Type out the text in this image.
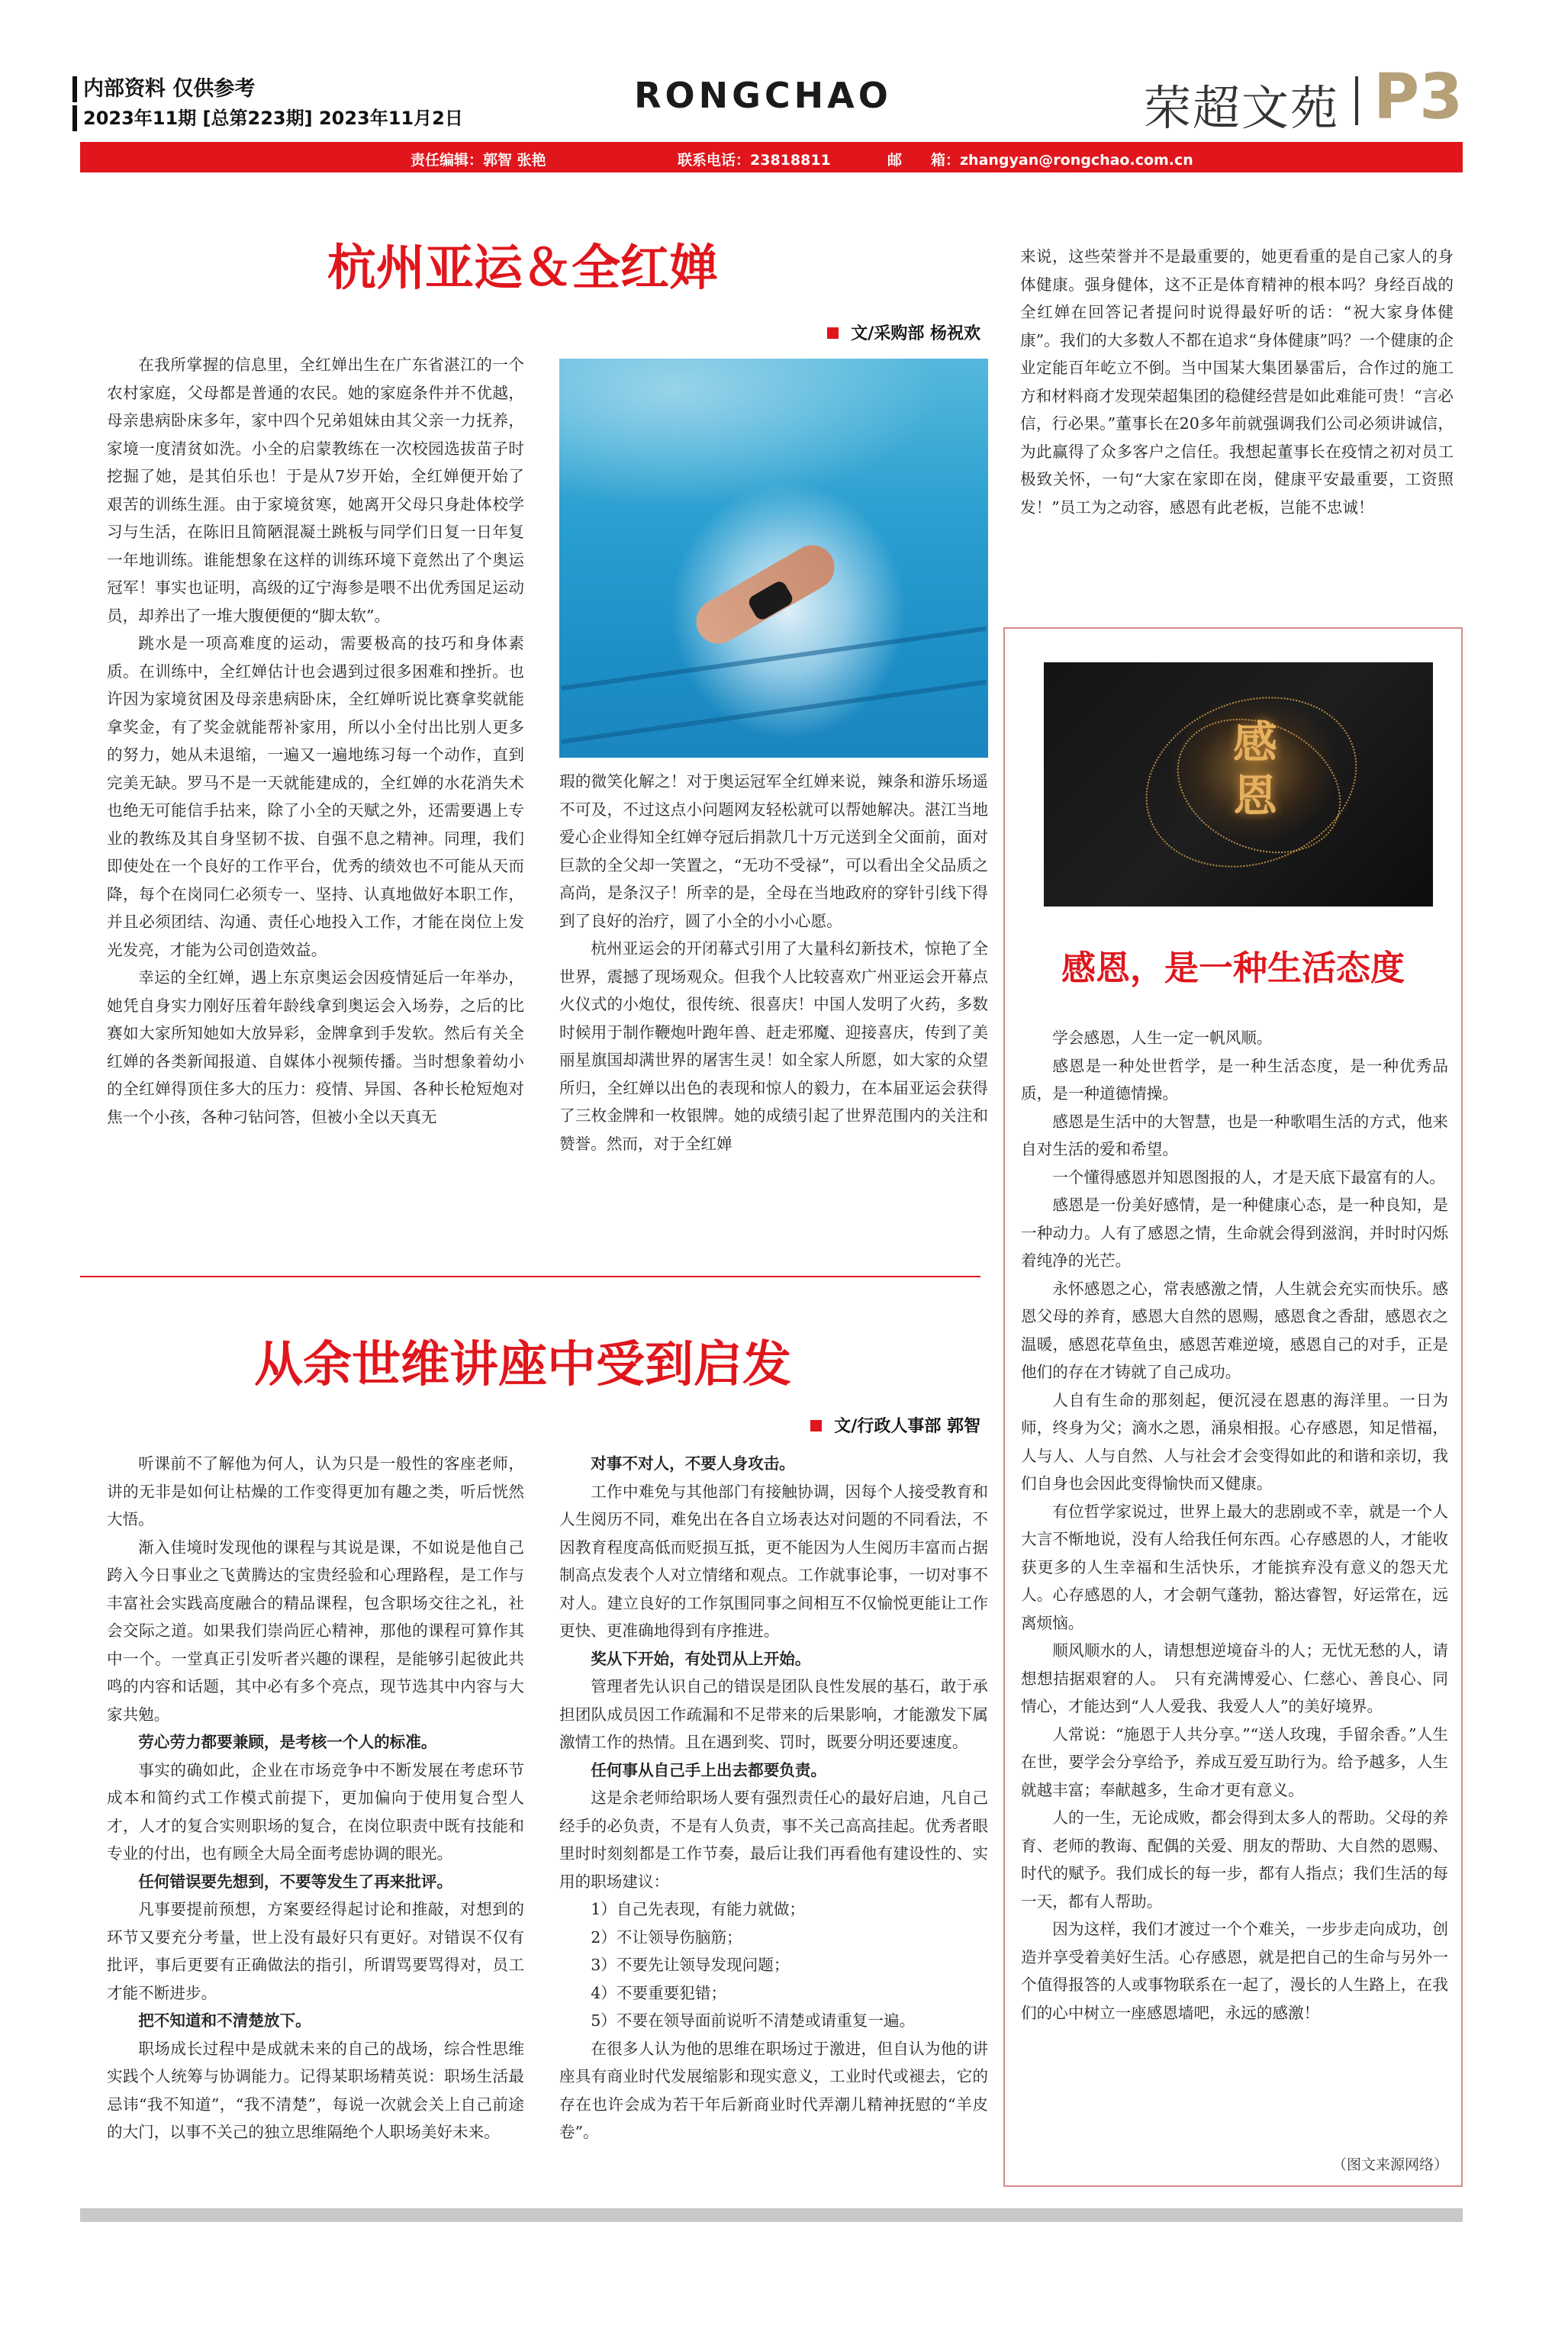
内部资料 仅供参考
2023年11期 [总第223期] 2023年11月2日
RONGCHAO	荣超文苑 P3
责任编辑：郭智 张艳	联系电话：23818811	邮　　箱：zhangyan@rongchao.com.cn
杭州亚运＆全红婵
文/采购部 杨祝欢

在我所掌握的信息里，全红婵出生在广东省湛江的一个农村家庭，父母都是普通的农民。她的家庭条件并不优越，母亲患病卧床多年，家中四个兄弟姐妹由其父亲一力抚养，家境一度清贫如洗。小全的启蒙教练在一次校园选拔苗子时挖掘了她，是其伯乐也！于是从7岁开始，全红婵便开始了艰苦的训练生涯。由于家境贫寒，她离开父母只身赴体校学习与生活，在陈旧且简陋混凝土跳板与同学们日复一日年复一年地训练。谁能想象在这样的训练环境下竟然出了个奥运冠军！事实也证明，高级的辽宁海参是喂不出优秀国足运动员，却养出了一堆大腹便便的“脚太软”。

跳水是一项高难度的运动，需要极高的技巧和身体素质。在训练中，全红婵估计也会遇到过很多困难和挫折。也许因为家境贫困及母亲患病卧床，全红婵听说比赛拿奖就能拿奖金，有了奖金就能帮补家用，所以小全付出比别人更多的努力，她从未退缩，一遍又一遍地练习每一个动作，直到完美无缺。罗马不是一天就能建成的，全红婵的水花消失术也绝无可能信手拈来，除了小全的天赋之外，还需要遇上专业的教练及其自身坚韧不拔、自强不息之精神。同理，我们即使处在一个良好的工作平台，优秀的绩效也不可能从天而降，每个在岗同仁必须专一、坚持、认真地做好本职工作，并且必须团结、沟通、责任心地投入工作，才能在岗位上发光发亮，才能为公司创造效益。

幸运的全红婵，遇上东京奥运会因疫情延后一年举办，她凭自身实力刚好压着年龄线拿到奥运会入场券，之后的比赛如大家所知她如大放异彩，金牌拿到手发软。然后有关全红婵的各类新闻报道、自媒体小视频传播。当时想象着幼小的全红婵得顶住多大的压力：疫情、异国、各种长枪短炮对焦一个小孩，各种刁钻问答，但被小全以天真无

瑕的微笑化解之！对于奥运冠军全红婵来说，辣条和游乐场遥不可及，不过这点小问题网友轻松就可以帮她解决。湛江当地爱心企业得知全红婵夺冠后捐款几十万元送到全父面前，面对巨款的全父却一笑置之，“无功不受禄”，可以看出全父品质之高尚，是条汉子！所幸的是，全母在当地政府的穿针引线下得到了良好的治疗，圆了小全的小小心愿。

杭州亚运会的开闭幕式引用了大量科幻新技术，惊艳了全世界，震撼了现场观众。但我个人比较喜欢广州亚运会开幕点火仪式的小炮仗，很传统、很喜庆！中国人发明了火药，多数时候用于制作鞭炮叶跑年兽、赶走邪魔、迎接喜庆，传到了美丽星旗国却满世界的屠害生灵！如全家人所愿，如大家的众望所归，全红婵以出色的表现和惊人的毅力，在本届亚运会获得了三枚金牌和一枚银牌。她的成绩引起了世界范围内的关注和赞誉。然而，对于全红婵

来说，这些荣誉并不是最重要的，她更看重的是自己家人的身体健康。强身健体，这不正是体育精神的根本吗？身经百战的全红婵在回答记者提问时说得最好听的话：“祝大家身体健康”。我们的大多数人不都在追求“身体健康”吗？一个健康的企业定能百年屹立不倒。当中国某大集团暴雷后，合作过的施工方和材料商才发现荣超集团的稳健经营是如此难能可贵！“言必信，行必果。”董事长在20多年前就强调我们公司必须讲诚信，为此赢得了众多客户之信任。我想起董事长在疫情之初对员工极致关怀，一句“大家在家即在岗，健康平安最重要，工资照发！”员工为之动容，感恩有此老板，岂能不忠诚！

从余世维讲座中受到启发
文/行政人事部 郭智

听课前不了解他为何人，认为只是一般性的客座老师，讲的无非是如何让枯燥的工作变得更加有趣之类，听后恍然大悟。

渐入佳境时发现他的课程与其说是课，不如说是他自己跨入今日事业之飞黄腾达的宝贵经验和心理路程，是工作与丰富社会实践高度融合的精品课程，包含职场交往之礼，社会交际之道。如果我们崇尚匠心精神，那他的课程可算作其中一个。一堂真正引发听者兴趣的课程，是能够引起彼此共鸣的内容和话题，其中必有多个亮点，现节选其中内容与大家共勉。

劳心劳力都要兼顾，是考核一个人的标准。

事实的确如此，企业在市场竞争中不断发展在考虑环节成本和简约式工作模式前提下，更加偏向于使用复合型人才，人才的复合实则职场的复合，在岗位职责中既有技能和专业的付出，也有顾全大局全面考虑协调的眼光。

任何错误要先想到，不要等发生了再来批评。

凡事要提前预想，方案要经得起讨论和推敲，对想到的环节又要充分考量，世上没有最好只有更好。对错误不仅有批评，事后更要有正确做法的指引，所谓骂要骂得对，员工才能不断进步。

把不知道和不清楚放下。

职场成长过程中是成就未来的自己的战场，综合性思维实践个人统筹与协调能力。记得某职场精英说：职场生活最忌讳“我不知道”，“我不清楚”，每说一次就会关上自己前途的大门，以事不关己的独立思维隔绝个人职场美好未来。

对事不对人，不要人身攻击。

工作中难免与其他部门有接触协调，因每个人接受教育和人生阅历不同，难免出在各自立场表达对问题的不同看法，不因教育程度高低而贬损互抵，更不能因为人生阅历丰富而占据制高点发表个人对立情绪和观点。工作就事论事，一切对事不对人。建立良好的工作氛围同事之间相互不仅愉悦更能让工作更快、更准确地得到有序推进。

奖从下开始，有处罚从上开始。

管理者先认识自己的错误是团队良性发展的基石，敢于承担团队成员因工作疏漏和不足带来的后果影响，才能激发下属激情工作的热情。且在遇到奖、罚时，既要分明还要速度。

任何事从自己手上出去都要负责。

这是余老师给职场人要有强烈责任心的最好启迪，凡自己经手的必负责，不是有人负责，事不关己高高挂起。优秀者眼里时时刻刻都是工作节奏，最后让我们再看他有建设性的、实用的职场建议：

1）自己先表现，有能力就做；

2）不让领导伤脑筋；

3）不要先让领导发现问题；

4）不要重要犯错；

5）不要在领导面前说听不清楚或请重复一遍。

在很多人认为他的思维在职场过于激进，但自认为他的讲座具有商业时代发展缩影和现实意义，工业时代或褪去，它的存在也许会成为若干年后新商业时代弄潮儿精神抚慰的“羊皮卷”。

感恩
感恩，是一种生活态度

学会感恩，人生一定一帆风顺。

感恩是一种处世哲学，是一种生活态度，是一种优秀品质，是一种道德情操。

感恩是生活中的大智慧，也是一种歌唱生活的方式，他来自对生活的爱和希望。

一个懂得感恩并知恩图报的人，才是天底下最富有的人。

感恩是一份美好感情，是一种健康心态，是一种良知，是一种动力。人有了感恩之情，生命就会得到滋润，并时时闪烁着纯净的光芒。

永怀感恩之心，常表感激之情，人生就会充实而快乐。感恩父母的养育，感恩大自然的恩赐，感恩食之香甜，感恩衣之温暖，感恩花草鱼虫，感恩苦难逆境，感恩自己的对手，正是他们的存在才铸就了自己成功。

人自有生命的那刻起，便沉浸在恩惠的海洋里。一日为师，终身为父；滴水之恩，涌泉相报。心存感恩，知足惜福，人与人、人与自然、人与社会才会变得如此的和谐和亲切，我们自身也会因此变得愉快而又健康。

有位哲学家说过，世界上最大的悲剧或不幸，就是一个人大言不惭地说，没有人给我任何东西。心存感恩的人，才能收获更多的人生幸福和生活快乐，才能摈弃没有意义的怨天尤人。心存感恩的人，才会朝气蓬勃，豁达睿智，好运常在，远离烦恼。

顺风顺水的人，请想想逆境奋斗的人；无忧无愁的人，请想想拮据艰窘的人。　只有充满博爱心、仁慈心、善良心、同情心，才能达到“人人爱我、我爱人人”的美好境界。

人常说：“施恩于人共分享。”“送人玫瑰，手留余香。”人生在世，要学会分享给予，养成互爱互助行为。给予越多，人生就越丰富；奉献越多，生命才更有意义。

人的一生，无论成败，都会得到太多人的帮助。父母的养育、老师的教诲、配偶的关爱、朋友的帮助、大自然的恩赐、时代的赋予。我们成长的每一步，都有人指点；我们生活的每一天，都有人帮助。

因为这样，我们才渡过一个个难关，一步步走向成功，创造并享受着美好生活。心存感恩，就是把自己的生命与另外一个值得报答的人或事物联系在一起了，漫长的人生路上，在我们的心中树立一座感恩墙吧，永远的感激！

（图文来源网络）
